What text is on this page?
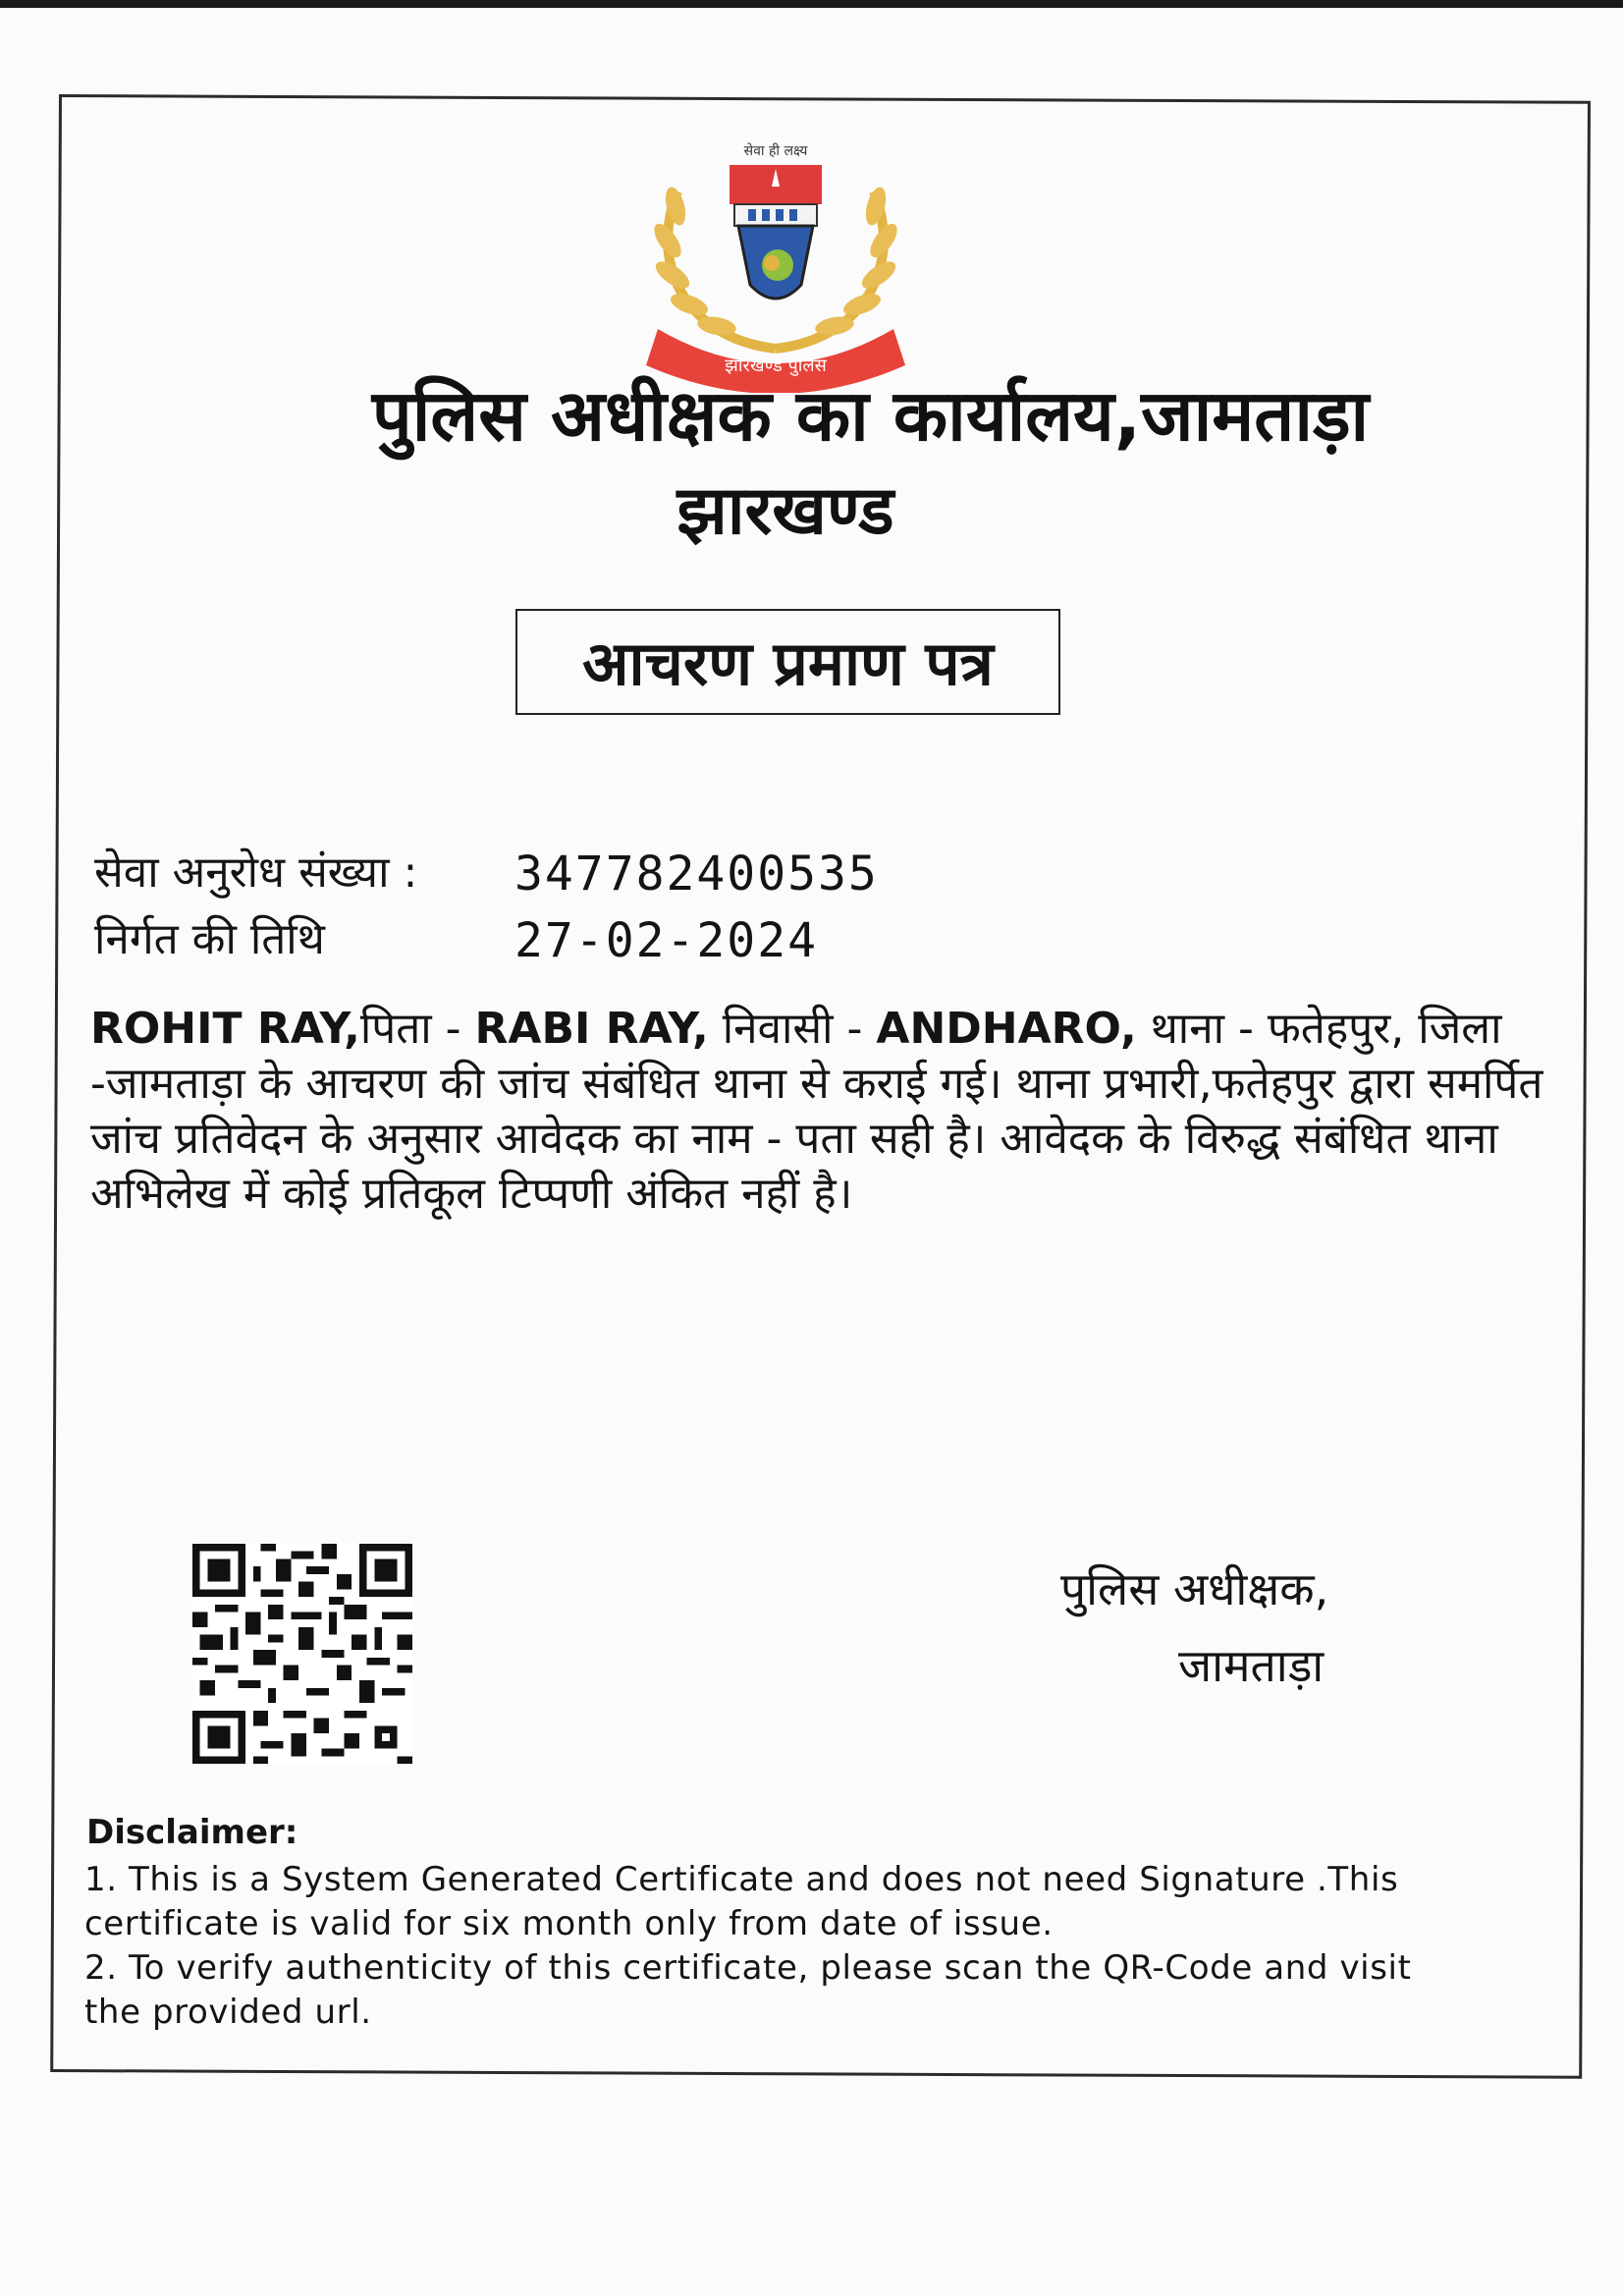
सेवा ही लक्ष्य
झारखण्ड पुलिस
पुलिस अधीक्षक का कार्यालय,जामताड़ा
झारखण्ड
आचरण प्रमाण पत्र
सेवा अनुरोध संख्या : 347782400535
निर्गत की तिथि	27-02-2024
ROHIT RAY,पिता - RABI RAY, निवासी - ANDHARO, थाना - फतेहपुर, जिला -जामताड़ा के आचरण की जांच संबंधित थाना से कराई गई। थाना प्रभारी,फतेहपुर द्वारा समर्पित जांच प्रतिवेदन के अनुसार आवेदक का नाम - पता सही है। आवेदक के विरुद्ध संबंधित थाना अभिलेख में कोई प्रतिकूल टिप्पणी अंकित नहीं है।
पुलिस अधीक्षक,
जामताड़ा
Disclaimer:

1. This is a System Generated Certificate and does not need Signature .This certificate is valid for six month only from date of issue.

2. To verify authenticity of this certificate, please scan the QR-Code and visit the provided url.
